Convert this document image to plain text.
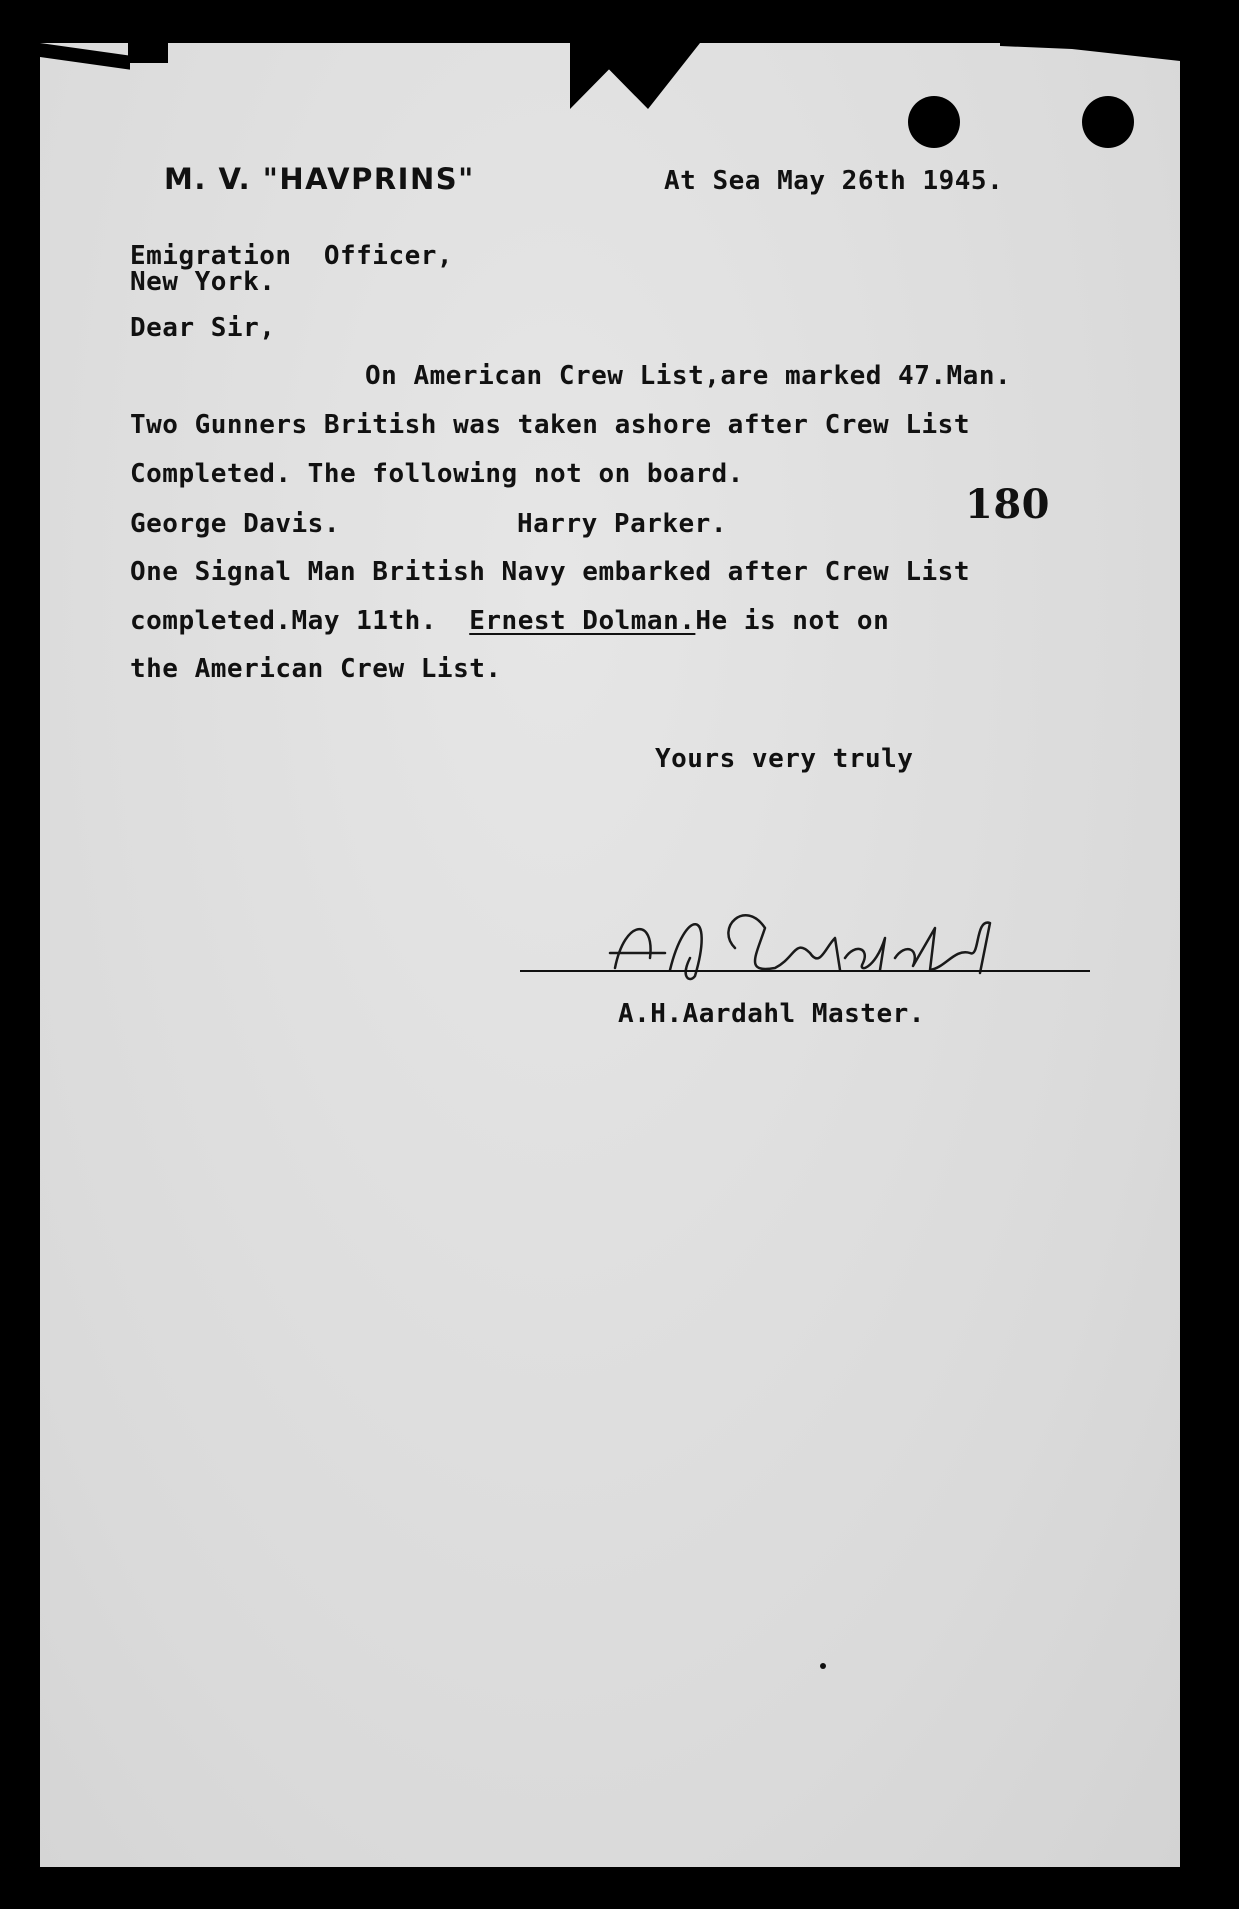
M. V. "HAVPRINS"	At Sea May 26th 1945.
Emigration  Officer,
New York.
Dear Sir,
On American Crew List,are marked 47.Man.
Two Gunners British was taken ashore after Crew List
Completed. The following not on board.
George Davis.	Harry Parker.	180
One Signal Man British Navy embarked after Crew List
completed.May 11th.  Ernest Dolman.He is not on
the American Crew List.
Yours very truly
A.H.Aardahl Master.
